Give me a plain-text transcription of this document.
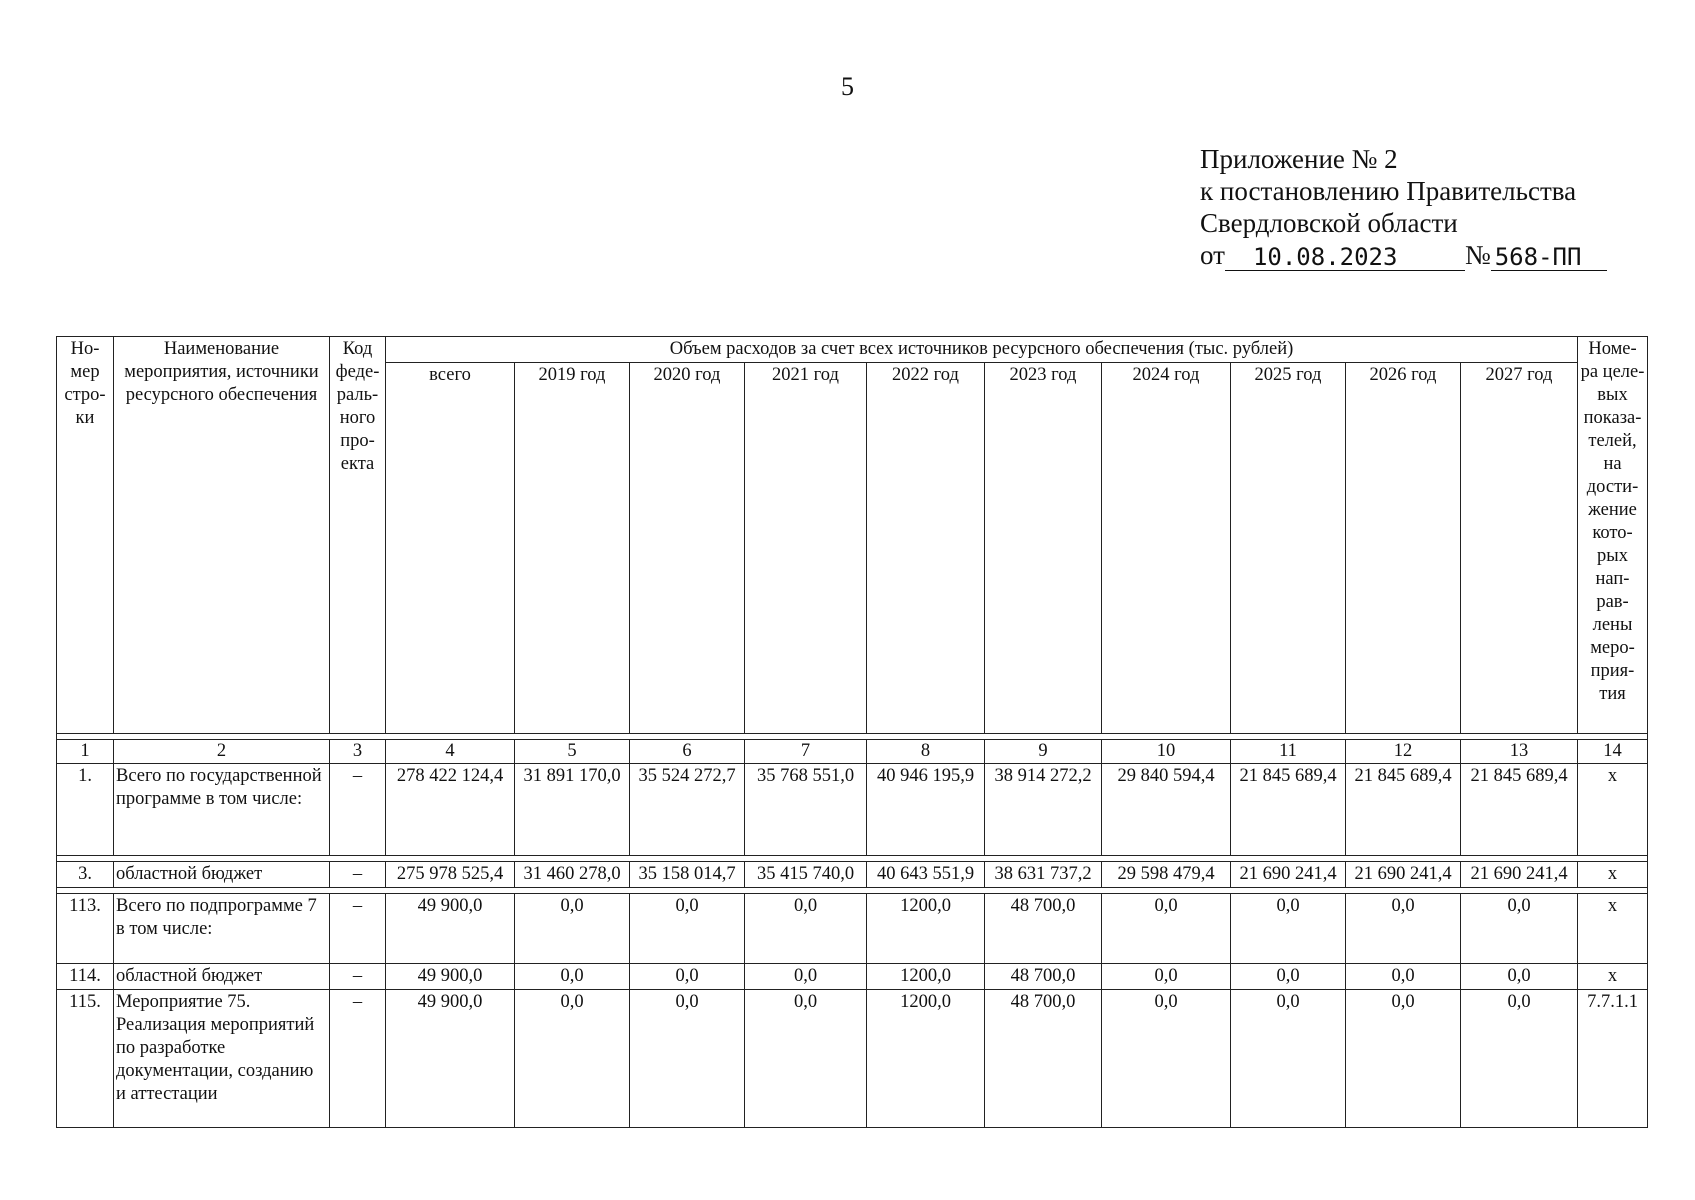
5
Приложение № 2
к постановлению Правительства
Свердловской области
от	10.08.2023	№ 568-ПП
Но-мер стро-ки	Наименование мероприятия, источники ресурсного обеспечения	Код феде-раль-ного про-екта	Объем расходов за счет всех источников ресурсного обеспечения (тыс. рублей)										Номе-ра целе-вых показа-телей, на дости-жение кото-рых нап-рав-лены меро-прия-тия
			всего	2019 год	2020 год	2021 год	2022 год	2023 год	2024 год	2025 год	2026 год	2027 год	

1	2	3	4	5	6	7	8	9	10	11	12	13	14
1.	Всего по государственной программе в том числе:	–	278 422 124,4	31 891 170,0	35 524 272,7	35 768 551,0	40 946 195,9	38 914 272,2	29 840 594,4	21 845 689,4	21 845 689,4	21 845 689,4	x

3.	областной бюджет	–	275 978 525,4	31 460 278,0	35 158 014,7	35 415 740,0	40 643 551,9	38 631 737,2	29 598 479,4	21 690 241,4	21 690 241,4	21 690 241,4	x

113.	Всего по подпрограмме 7 в том числе:	–	49 900,0	0,0	0,0	0,0	1200,0	48 700,0	0,0	0,0	0,0	0,0	x
114.	областной бюджет	–	49 900,0	0,0	0,0	0,0	1200,0	48 700,0	0,0	0,0	0,0	0,0	x
115.	Мероприятие 75. Реализация мероприятий по разработке документации, созданию и аттестации	–	49 900,0	0,0	0,0	0,0	1200,0	48 700,0	0,0	0,0	0,0	0,0	7.7.1.1
